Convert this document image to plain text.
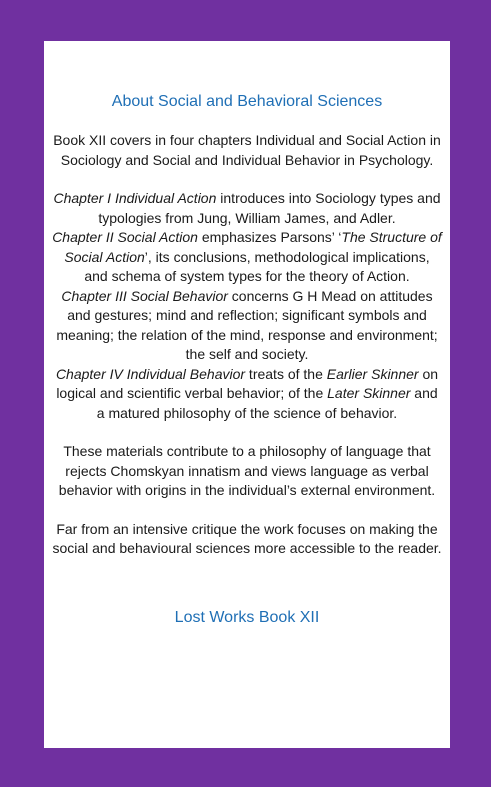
About Social and Behavioral Sciences

Book XII covers in four chapters Individual and Social Action in Sociology and Social and Individual Behavior in Psychology.

Chapter I Individual Action introduces into Sociology types and typologies from Jung, William James, and Adler.
Chapter II Social Action emphasizes Parsons’ ‘The Structure of Social Action’, its conclusions, methodological implications, and schema of system types for the theory of Action.
Chapter III Social Behavior concerns G H Mead on attitudes and gestures; mind and reflection; significant symbols and meaning; the relation of the mind, response and environment; the self and society.
Chapter IV Individual Behavior treats of the Earlier Skinner on logical and scientific verbal behavior; of the Later Skinner and a matured philosophy of the science of behavior.

These materials contribute to a philosophy of language that rejects Chomskyan innatism and views language as verbal behavior with origins in the individual’s external environment.

Far from an intensive critique the work focuses on making the social and behavioural sciences more accessible to the reader.

Lost Works Book XII
